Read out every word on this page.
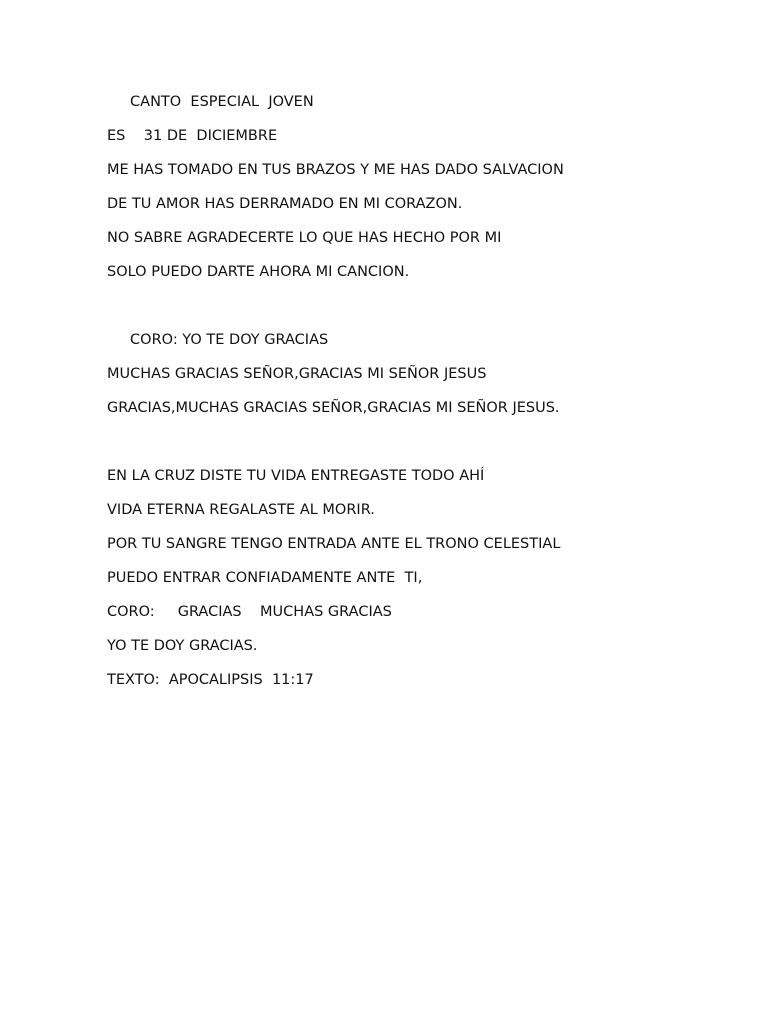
CANTO  ESPECIAL  JOVEN
ES    31 DE  DICIEMBRE
ME HAS TOMADO EN TUS BRAZOS Y ME HAS DADO SALVACION
DE TU AMOR HAS DERRAMADO EN MI CORAZON.
NO SABRE AGRADECERTE LO QUE HAS HECHO POR MI
SOLO PUEDO DARTE AHORA MI CANCION.
CORO: YO TE DOY GRACIAS
MUCHAS GRACIAS SEÑOR,GRACIAS MI SEÑOR JESUS
GRACIAS,MUCHAS GRACIAS SEÑOR,GRACIAS MI SEÑOR JESUS.
EN LA CRUZ DISTE TU VIDA ENTREGASTE TODO AHÍ
VIDA ETERNA REGALASTE AL MORIR.
POR TU SANGRE TENGO ENTRADA ANTE EL TRONO CELESTIAL
PUEDO ENTRAR CONFIADAMENTE ANTE  TI,
CORO:     GRACIAS    MUCHAS GRACIAS
YO TE DOY GRACIAS.
TEXTO:  APOCALIPSIS  11:17
